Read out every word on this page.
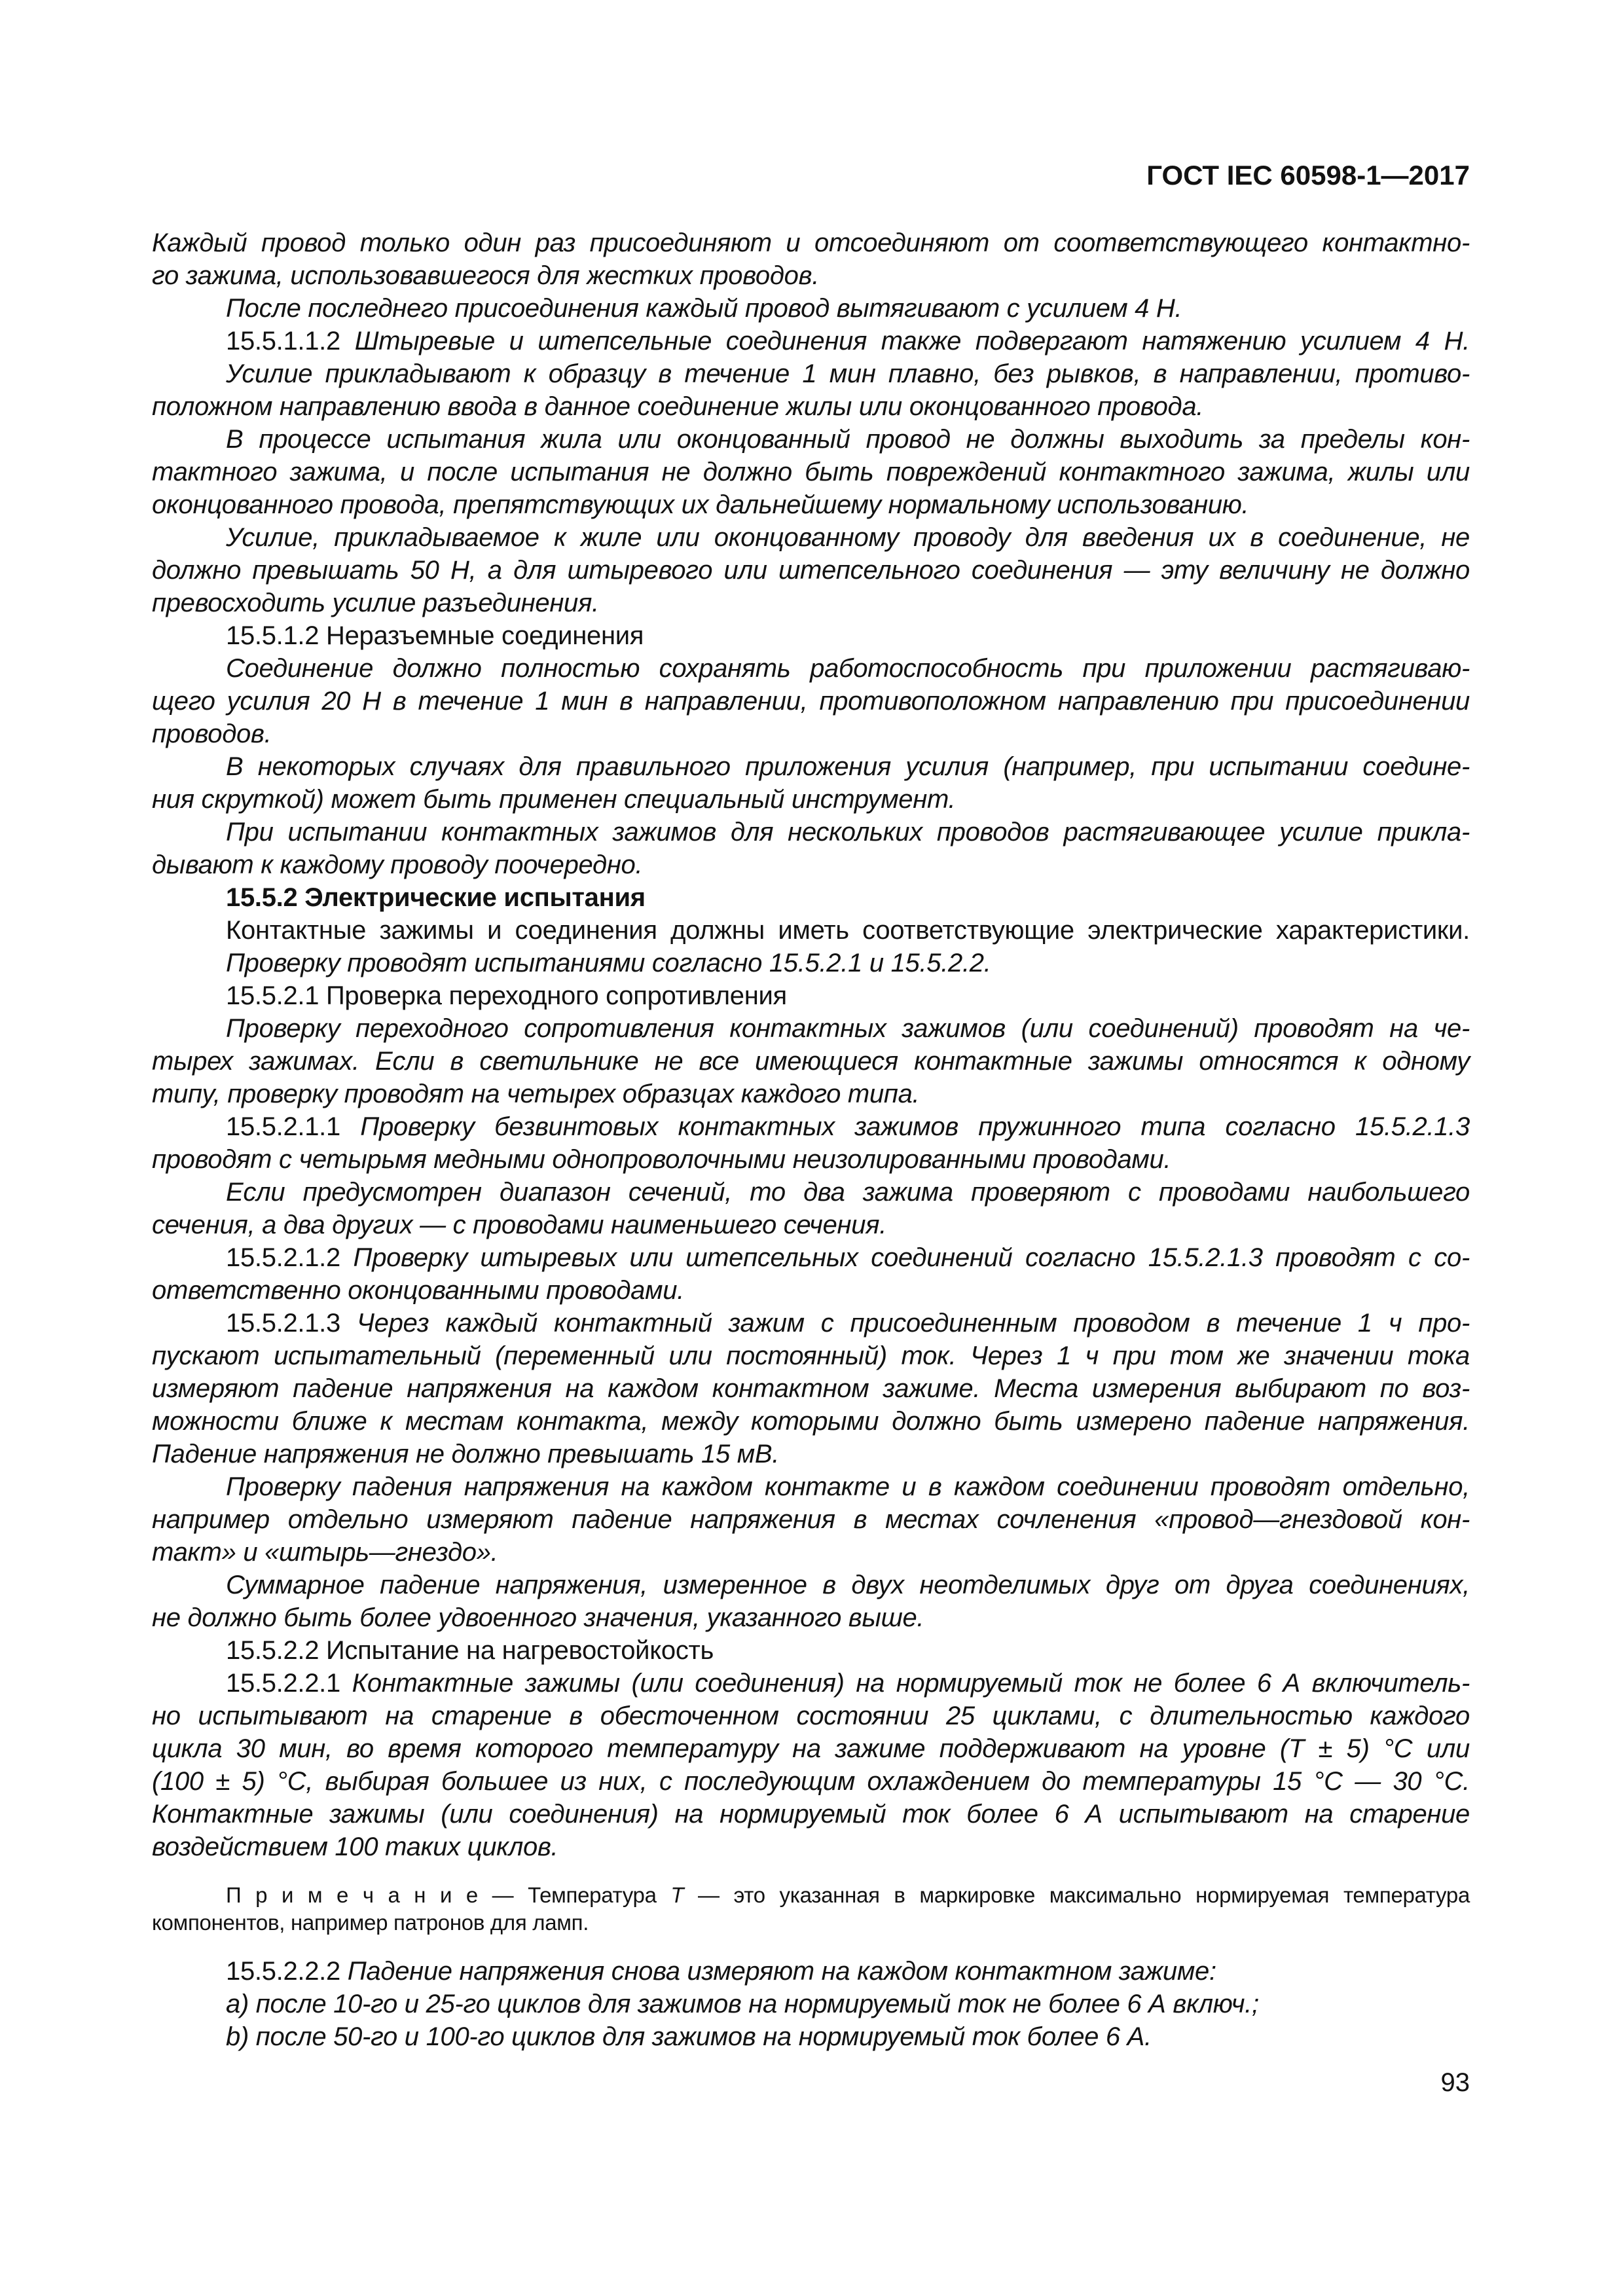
ГОСТ IEC 60598-1—2017
Каждый провод только один раз присоединяют и отсоединяют от соответствующего контактно-
го зажима, использовавшегося для жестких проводов.
После последнего присоединения каждый провод вытягивают с усилием 4 Н.
15.5.1.1.2 Штыревые и штепсельные соединения также подвергают натяжению усилием 4 Н.
Усилие прикладывают к образцу в течение 1 мин плавно, без рывков, в направлении, противо-
положном направлению ввода в данное соединение жилы или оконцованного провода.
В процессе испытания жила или оконцованный провод не должны выходить за пределы кон-
тактного зажима, и после испытания не должно быть повреждений контактного зажима, жилы или
оконцованного провода, препятствующих их дальнейшему нормальному использованию.
Усилие, прикладываемое к жиле или оконцованному проводу для введения их в соединение, не
должно превышать 50 Н, а для штыревого или штепсельного соединения — эту величину не должно
превосходить усилие разъединения.
15.5.1.2 Неразъемные соединения
Соединение должно полностью сохранять работоспособность при приложении растягиваю-
щего усилия 20 Н в течение 1 мин в направлении, противоположном направлению при присоединении
проводов.
В некоторых случаях для правильного приложения усилия (например, при испытании соедине-
ния скруткой) может быть применен специальный инструмент.
При испытании контактных зажимов для нескольких проводов растягивающее усилие прикла-
дывают к каждому проводу поочередно.
15.5.2 Электрические испытания
Контактные зажимы и соединения должны иметь соответствующие электрические характеристики.
Проверку проводят испытаниями согласно 15.5.2.1 и 15.5.2.2.
15.5.2.1 Проверка переходного сопротивления
Проверку переходного сопротивления контактных зажимов (или соединений) проводят на че-
тырех зажимах. Если в светильнике не все имеющиеся контактные зажимы относятся к одному
типу, проверку проводят на четырех образцах каждого типа.
15.5.2.1.1 Проверку безвинтовых контактных зажимов пружинного типа согласно 15.5.2.1.3
проводят с четырьмя медными однопроволочными неизолированными проводами.
Если предусмотрен диапазон сечений, то два зажима проверяют с проводами наибольшего
сечения, а два других — с проводами наименьшего сечения.
15.5.2.1.2 Проверку штыревых или штепсельных соединений согласно 15.5.2.1.3 проводят с со-
ответственно оконцованными проводами.
15.5.2.1.3 Через каждый контактный зажим с присоединенным проводом в течение 1 ч про-
пускают испытательный (переменный или постоянный) ток. Через 1 ч при том же значении тока
измеряют падение напряжения на каждом контактном зажиме. Места измерения выбирают по воз-
можности ближе к местам контакта, между которыми должно быть измерено падение напряжения.
Падение напряжения не должно превышать 15 мВ.
Проверку падения напряжения на каждом контакте и в каждом соединении проводят отдельно,
например отдельно измеряют падение напряжения в местах сочленения «провод—гнездовой кон-
такт» и «штырь—гнездо».
Суммарное падение напряжения, измеренное в двух неотделимых друг от друга соединениях,
не должно быть более удвоенного значения, указанного выше.
15.5.2.2 Испытание на нагревостойкость
15.5.2.2.1 Контактные зажимы (или соединения) на нормируемый ток не более 6 А включитель-
но испытывают на старение в обесточенном состоянии 25 циклами, с длительностью каждого
цикла 30 мин, во время которого температуру на зажиме поддерживают на уровне (Т ± 5) °С или
(100 ± 5) °С, выбирая большее из них, с последующим охлаждением до температуры 15 °С — 30 °С.
Контактные зажимы (или соединения) на нормируемый ток более 6 А испытывают на старение
воздействием 100 таких циклов.
П р и м е ч а н и е — Температура Т — это указанная в маркировке максимально нормируемая температура
компонентов, например патронов для ламп.
15.5.2.2.2 Падение напряжения снова измеряют на каждом контактном зажиме:
a) после 10-го и 25-го циклов для зажимов на нормируемый ток не более 6 А включ.;
b) после 50-го и 100-го циклов для зажимов на нормируемый ток более 6 А.
93
